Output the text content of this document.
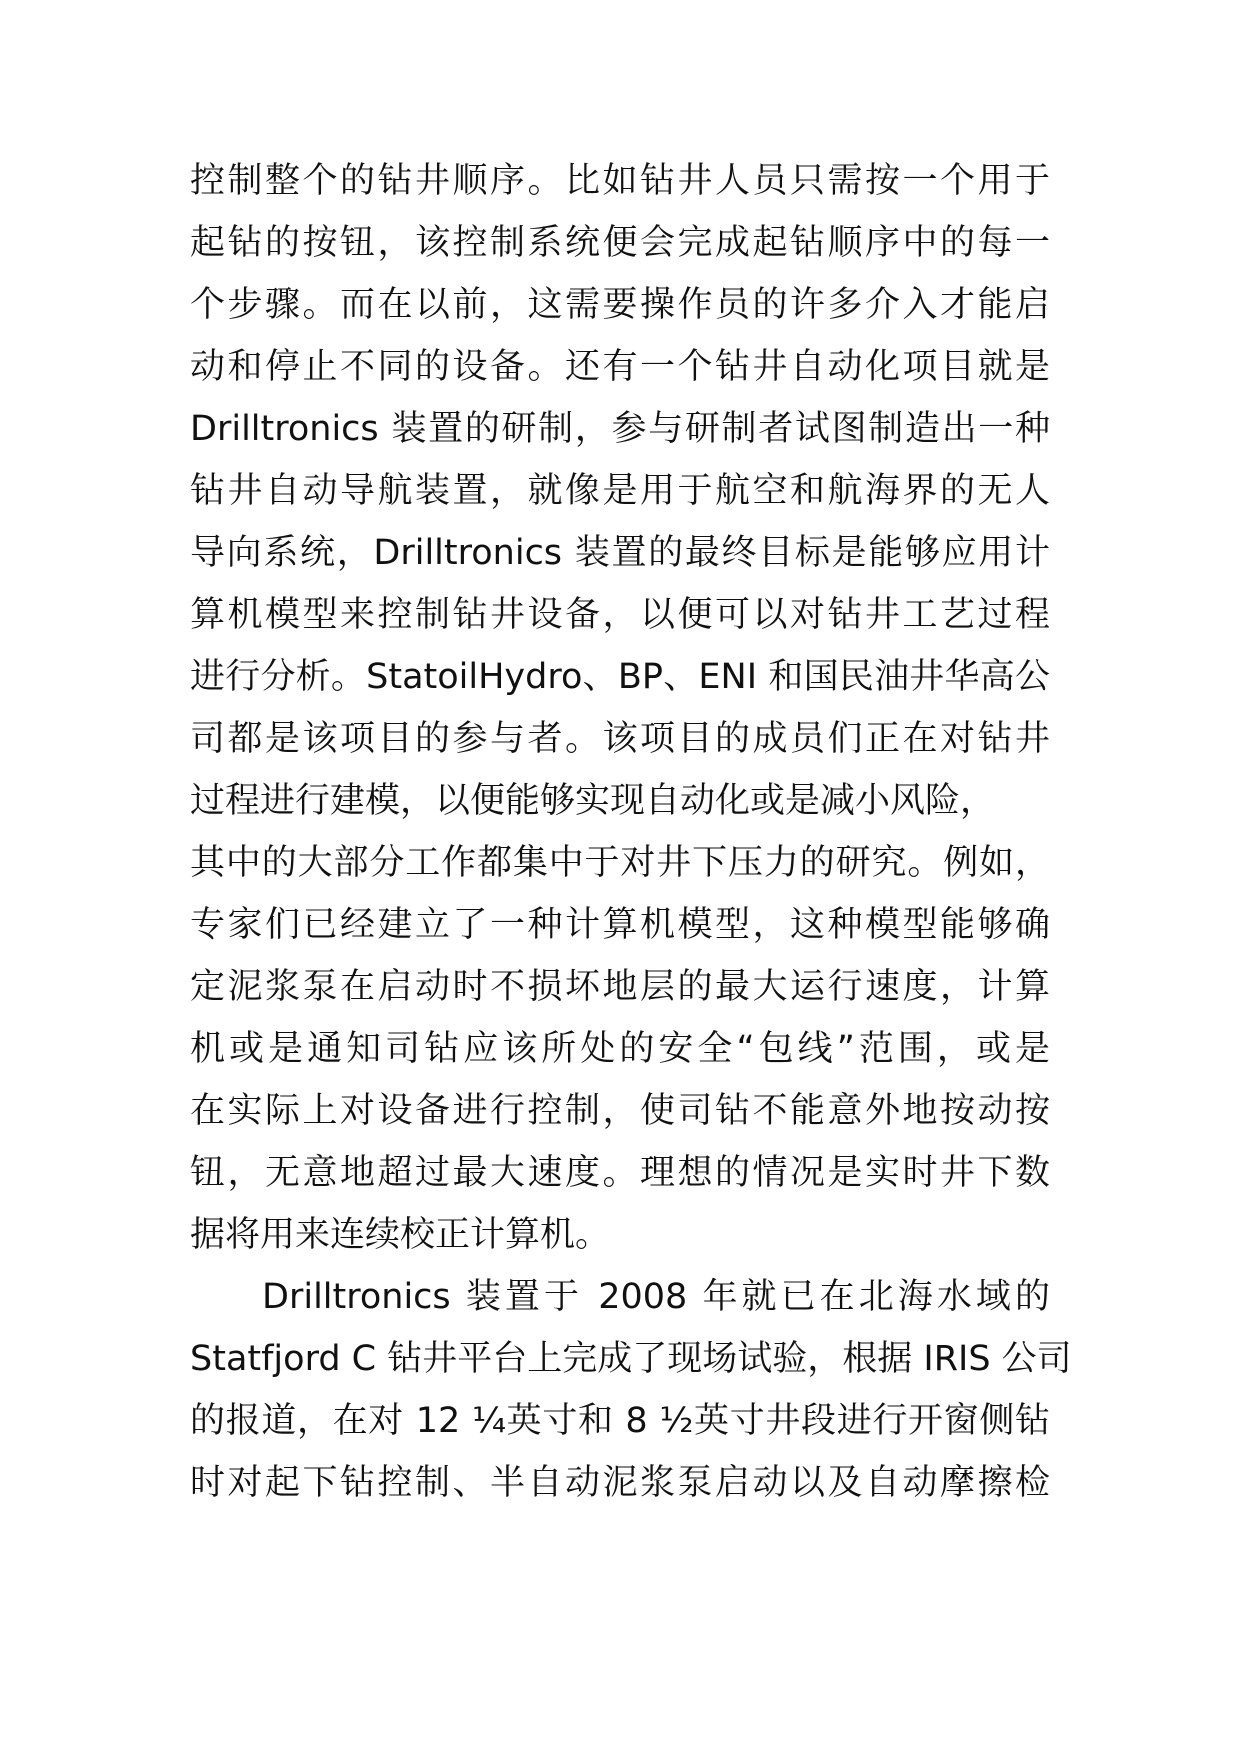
控制整个的钻井顺序。比如钻井人员只需按一个用于
起钻的按钮，该控制系统便会完成起钻顺序中的每一
个步骤。而在以前，这需要操作员的许多介入才能启
动和停止不同的设备。还有一个钻井自动化项目就是
Drilltronics 装置的研制，参与研制者试图制造出一种
钻井自动导航装置，就像是用于航空和航海界的无人
导向系统，Drilltronics 装置的最终目标是能够应用计
算机模型来控制钻井设备，以便可以对钻井工艺过程
进行分析。StatoilHydro、BP、ENI 和国民油井华高公
司都是该项目的参与者。该项目的成员们正在对钻井
过程进行建模，以便能够实现自动化或是减小风险，
其中的大部分工作都集中于对井下压力的研究。例如，
专家们已经建立了一种计算机模型，这种模型能够确
定泥浆泵在启动时不损坏地层的最大运行速度，计算
机或是通知司钻应该所处的安全“包线”范围，或是
在实际上对设备进行控制，使司钻不能意外地按动按
钮，无意地超过最大速度。理想的情况是实时井下数
据将用来连续校正计算机。
Drilltronics 装置于 2008 年就已在北海水域的
Statfjord C 钻井平台上完成了现场试验，根据 IRIS 公司
的报道，在对 12 ¼英寸和 8 ½英寸井段进行开窗侧钻
时对起下钻控制、半自动泥浆泵启动以及自动摩擦检
